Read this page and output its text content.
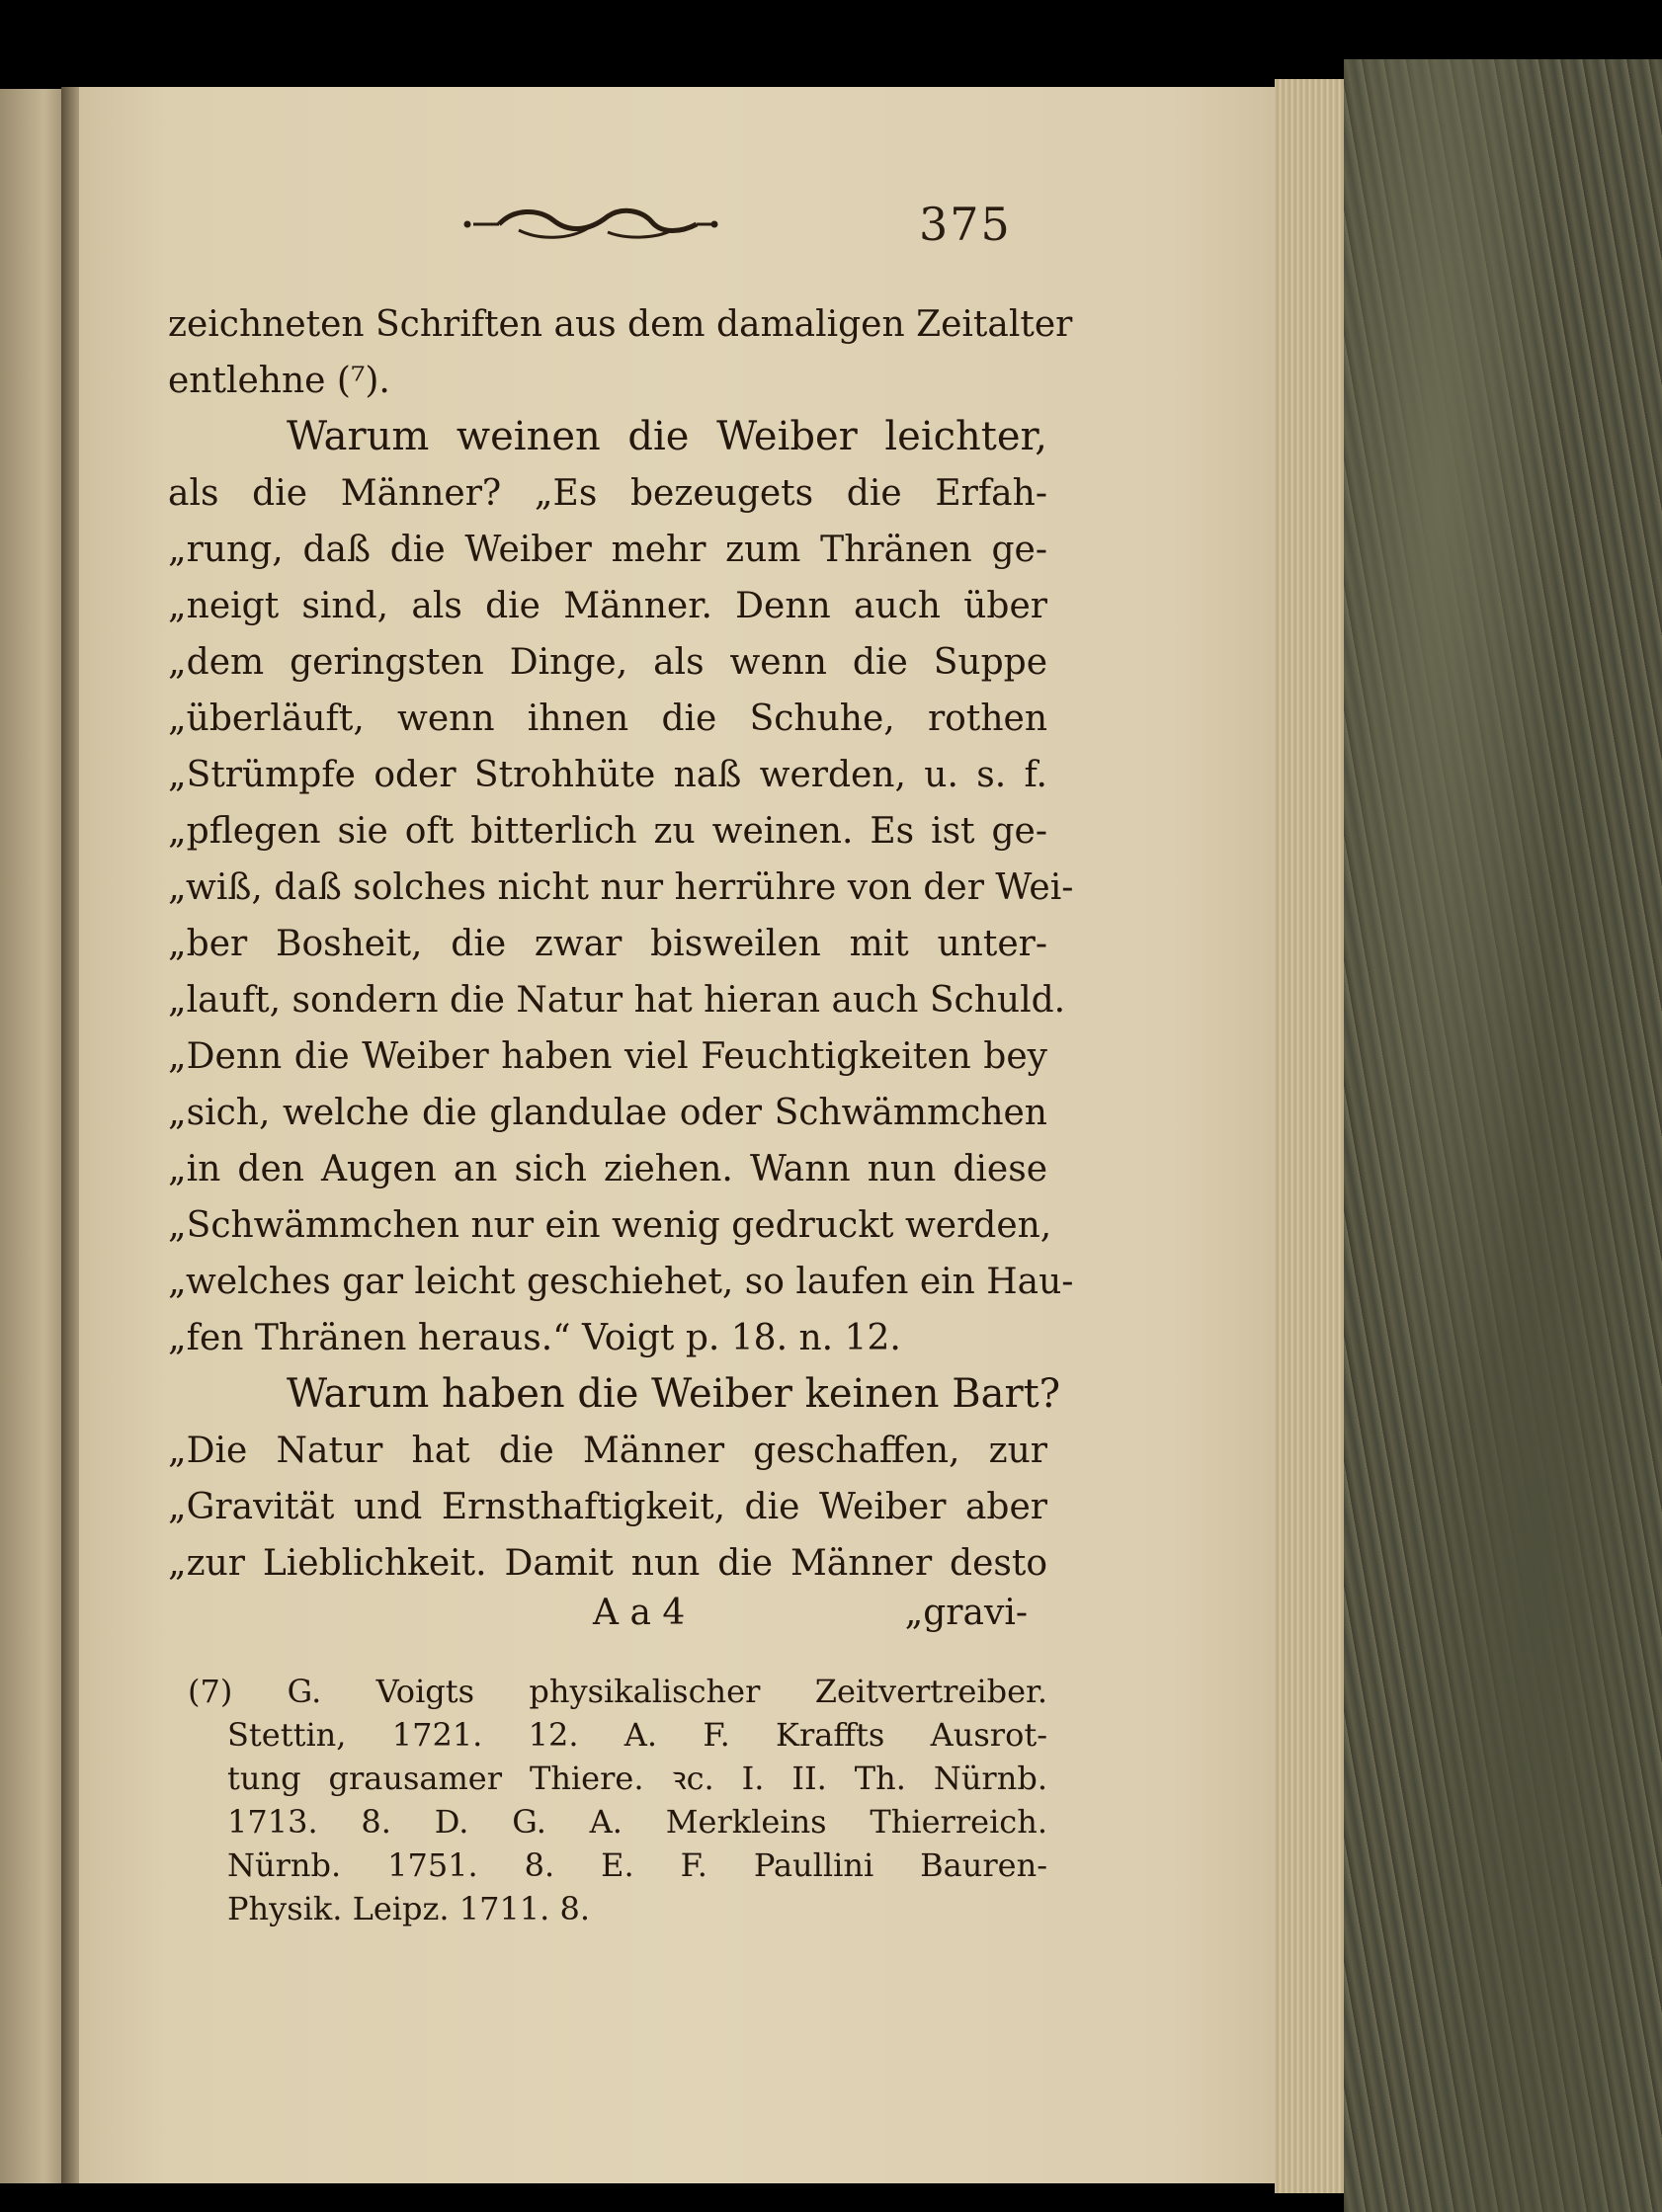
375
zeichneten Schriften aus dem damaligen Zeitalter
entlehne (⁷).
Warum weinen die Weiber leichter,
als die Männer? „Es bezeugets die Erfah-
„rung, daß die Weiber mehr zum Thränen ge-
„neigt sind, als die Männer. Denn auch über
„dem geringsten Dinge, als wenn die Suppe
„überläuft, wenn ihnen die Schuhe, rothen
„Strümpfe oder Strohhüte naß werden, u. s. f.
„pflegen sie oft bitterlich zu weinen. Es ist ge-
„wiß, daß solches nicht nur herrühre von der Wei-
„ber Bosheit, die zwar bisweilen mit unter-
„lauft, sondern die Natur hat hieran auch Schuld.
„Denn die Weiber haben viel Feuchtigkeiten bey
„sich, welche die glandulae oder Schwämmchen
„in den Augen an sich ziehen. Wann nun diese
„Schwämmchen nur ein wenig gedruckt werden,
„welches gar leicht geschiehet, so laufen ein Hau-
„fen Thränen heraus.“ Voigt p. 18. n. 12.
Warum haben die Weiber keinen Bart?
„Die Natur hat die Männer geschaffen, zur
„Gravität und Ernsthaftigkeit, die Weiber aber
„zur Lieblichkeit. Damit nun die Männer desto
A a 4	„gravi-
(7) G. Voigts physikalischer Zeitvertreiber.
Stettin, 1721. 12. A. F. Kraffts Ausrot-
tung grausamer Thiere. ꝛc. I. II. Th. Nürnb.
1713. 8. D. G. A. Merkleins Thierreich.
Nürnb. 1751. 8. E. F. Paullini Bauren-
Physik. Leipz. 1711. 8.
